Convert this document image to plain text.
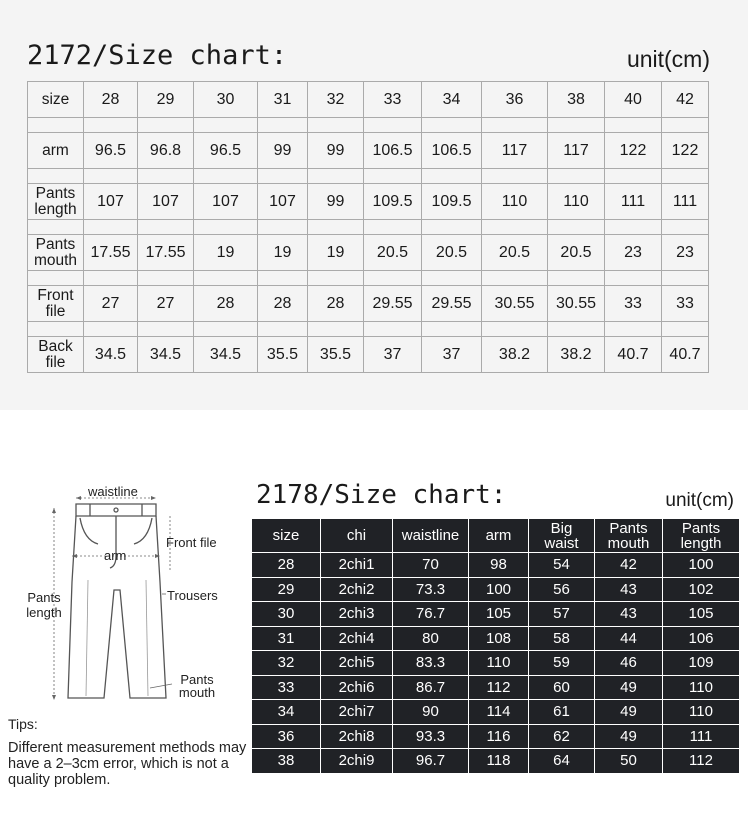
2172/Size chart:	unit(cm)
size	28	29	30	31	32	33	34	36	38	40	42

arm	96.5	96.8	96.5	99	99	106.5	106.5	117	117	122	122

Pants length	107	107	107	107	99	109.5	109.5	110	110	111	111

Pants mouth	17.55	17.55	19	19	19	20.5	20.5	20.5	20.5	23	23

Front file	27	27	28	28	28	29.55	29.55	30.55	30.55	33	33

Back file	34.5	34.5	34.5	35.5	35.5	37	37	38.2	38.2	40.7	40.7
waistline
Front file
arm
Trousers
Pants length
Pants mouth
Tips:
Different measurement methods may have a 2–3cm error, which is not a quality problem.
2178/Size chart:	unit(cm)
size	chi	waistline	arm	Big waist	Pants mouth	Pants length
28	2chi1	70	98	54	42	100
29	2chi2	73.3	100	56	43	102
30	2chi3	76.7	105	57	43	105
31	2chi4	80	108	58	44	106
32	2chi5	83.3	110	59	46	109
33	2chi6	86.7	112	60	49	110
34	2chi7	90	114	61	49	110
36	2chi8	93.3	116	62	49	111
38	2chi9	96.7	118	64	50	112
